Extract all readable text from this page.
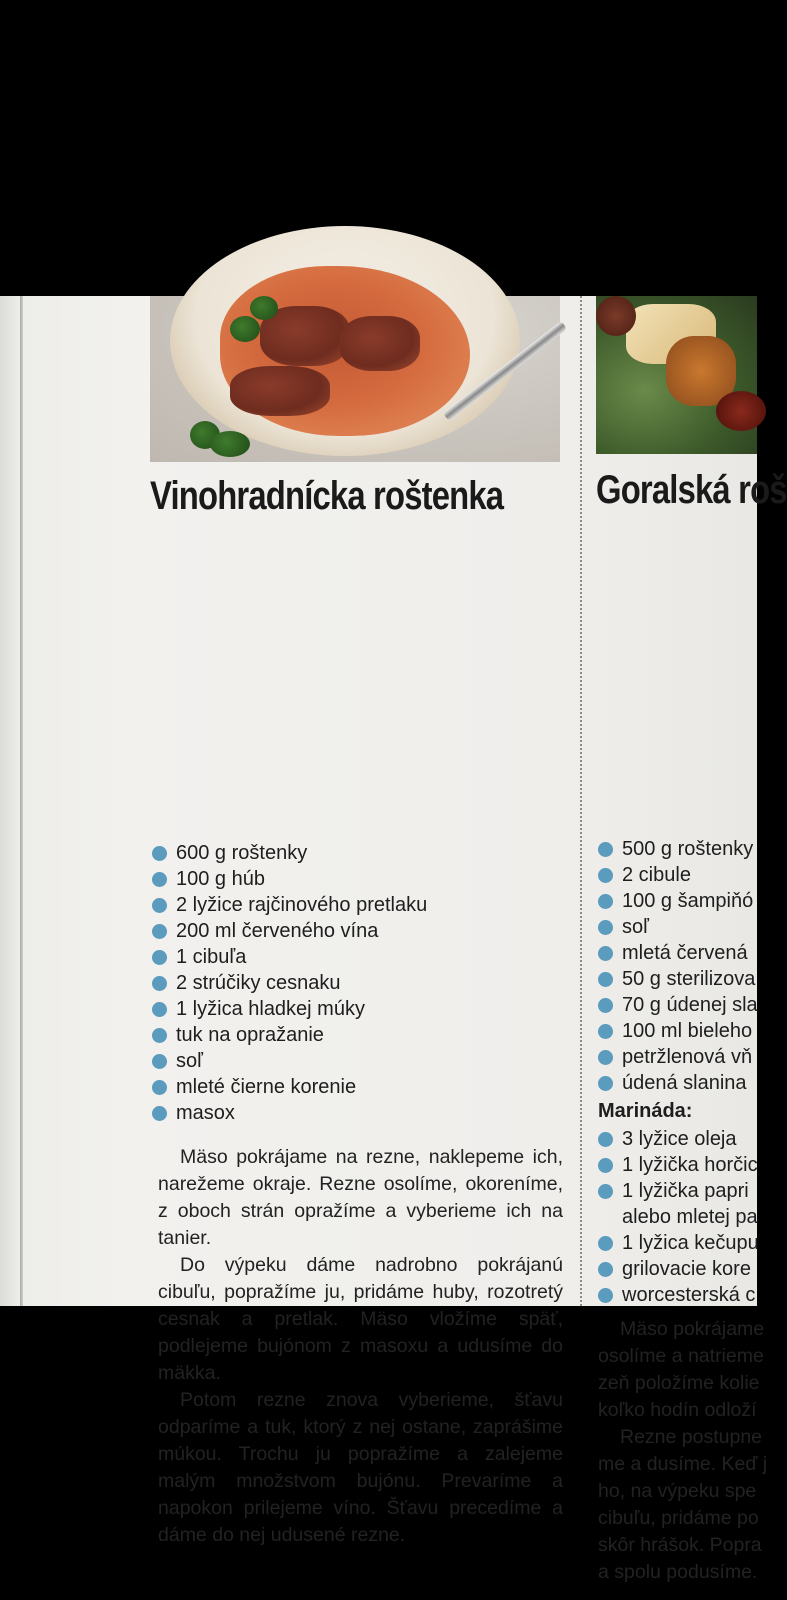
Vinohradnícka roštenka
600 g roštenky
100 g húb
2 lyžice rajčinového pretlaku
200 ml červeného vína
1 cibuľa
2 strúčiky cesnaku
1 lyžica hladkej múky
tuk na opražanie
soľ
mleté čierne korenie
masox

Mäso pokrájame na rezne, naklepeme ich, narežeme okraje. Rezne osolíme, okoreníme, z oboch strán opražíme a vyberieme ich na tanier.

Do výpeku dáme nadrobno pokrájanú cibuľu, popražíme ju, pridáme huby, rozotretý cesnak a pretlak. Mäso vložíme späť, podlejeme bujónom z masoxu a udusíme do mäkka.

Potom rezne znova vyberieme, šťavu odparíme a tuk, ktorý z nej ostane, zaprášime múkou. Trochu ju popražíme a zalejeme malým množstvom bujónu. Prevaríme a napokon prilejeme víno. Šťavu precedíme a dáme do nej udusené rezne.

Goralská roš
500 g roštenky
2 cibule
100 g šampiňó
soľ
mletá červená
50 g sterilizova
70 g údenej sla
100 ml bieleho
petržlenová vň
údená slanina
Marináda:
3 lyžice oleja
1 lyžička horčic
1 lyžička papri
alebo mletej pa
1 lyžica kečupu
grilovacie kore
worcesterská c
Mäso pokrájame
osolíme a natrieme
zeň položíme kolie
koľko hodín odloží
Rezne postupne
me a dusíme. Keď j
ho, na výpeku spe
cibuľu, pridáme po
skôr hrášok. Popra
a spolu podusíme.
